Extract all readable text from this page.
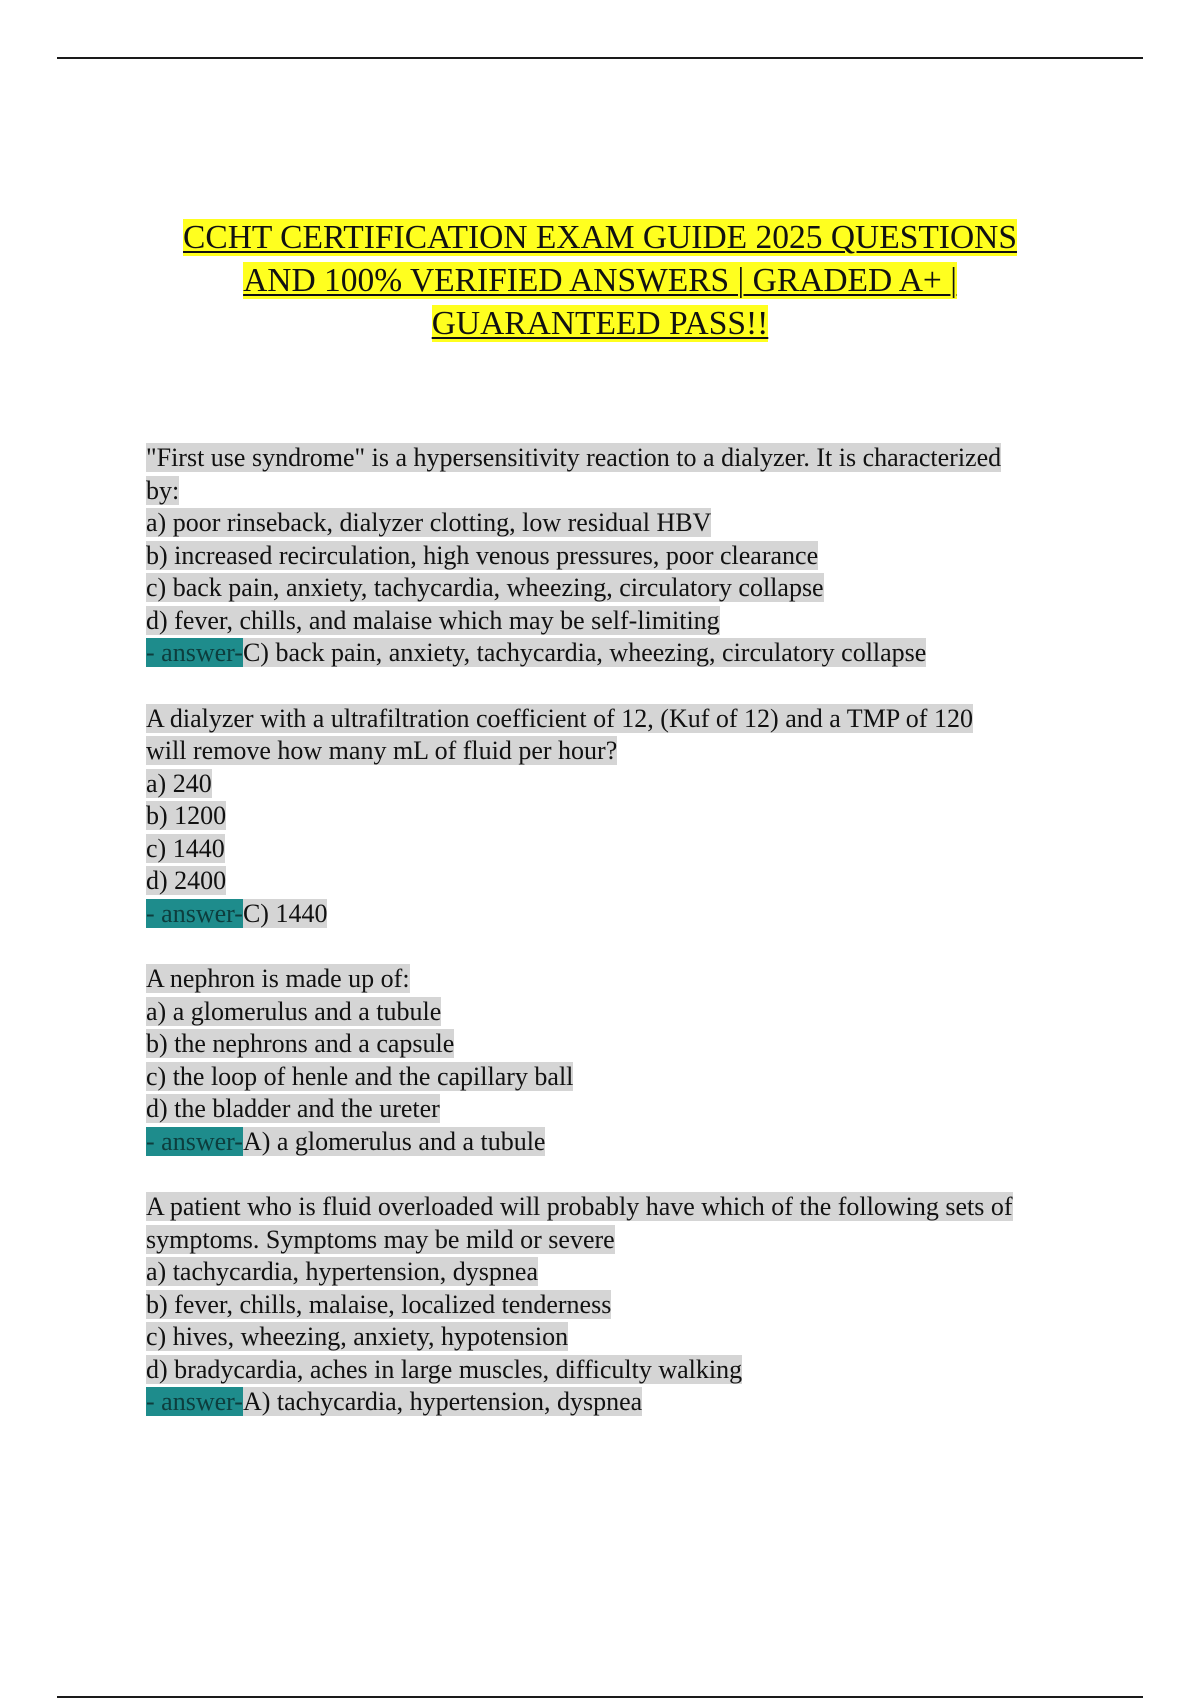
CCHT CERTIFICATION EXAM GUIDE 2025 QUESTIONS
AND 100% VERIFIED ANSWERS | GRADED A+ |
GUARANTEED PASS!!
"First use syndrome" is a hypersensitivity reaction to a dialyzer. It is characterized
by:
a) poor rinseback, dialyzer clotting, low residual HBV
b) increased recirculation, high venous pressures, poor clearance
c) back pain, anxiety, tachycardia, wheezing, circulatory collapse
d) fever, chills, and malaise which may be self-limiting
- answer-C) back pain, anxiety, tachycardia, wheezing, circulatory collapse
A dialyzer with a ultrafiltration coefficient of 12, (Kuf of 12) and a TMP of 120
will remove how many mL of fluid per hour?
a) 240
b) 1200
c) 1440
d) 2400
- answer-C) 1440
A nephron is made up of:
a) a glomerulus and a tubule
b) the nephrons and a capsule
c) the loop of henle and the capillary ball
d) the bladder and the ureter
- answer-A) a glomerulus and a tubule
A patient who is fluid overloaded will probably have which of the following sets of
symptoms. Symptoms may be mild or severe
a) tachycardia, hypertension, dyspnea
b) fever, chills, malaise, localized tenderness
c) hives, wheezing, anxiety, hypotension
d) bradycardia, aches in large muscles, difficulty walking
- answer-A) tachycardia, hypertension, dyspnea
